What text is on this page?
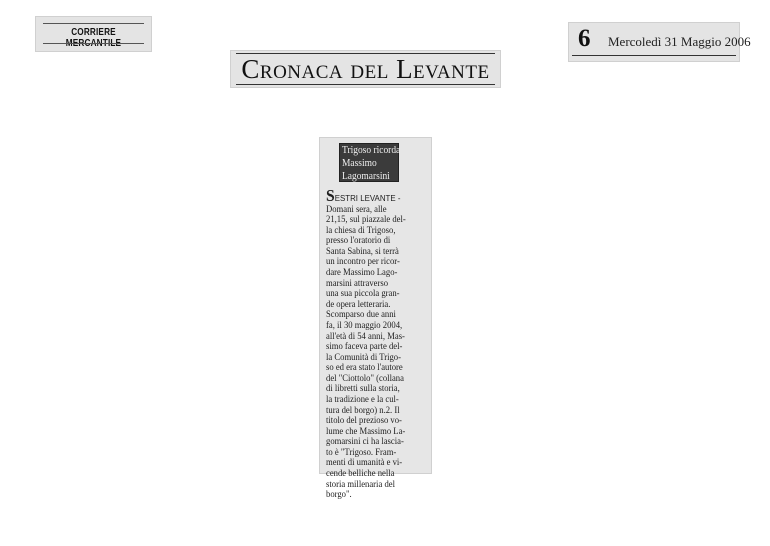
CORRIERE
Cronaca del Levante
6 Mercoledì 31 Maggio 2006
Trigoso ricorda
Massimo
Lagomarsini
SESTRI LEVANTE -
Domani sera, alle
21,15, sul piazzale del-
la chiesa di Trigoso,
presso l'oratorio di
Santa Sabina, si terrà
un incontro per ricor-
dare Massimo Lago-
marsini attraverso
una sua piccola gran-
de opera letteraria.
Scomparso due anni
fa, il 30 maggio 2004,
all'età di 54 anni, Mas-
simo faceva parte del-
la Comunità di Trigo-
so ed era stato l'autore
del "Ciottolo" (collana
di libretti sulla storia,
la tradizione e la cul-
tura del borgo) n.2. Il
titolo del prezioso vo-
lume che Massimo La-
gomarsini ci ha lascia-
to è "Trigoso. Fram-
menti di umanità e vi-
cende belliche nella
storia millenaria del
borgo".
